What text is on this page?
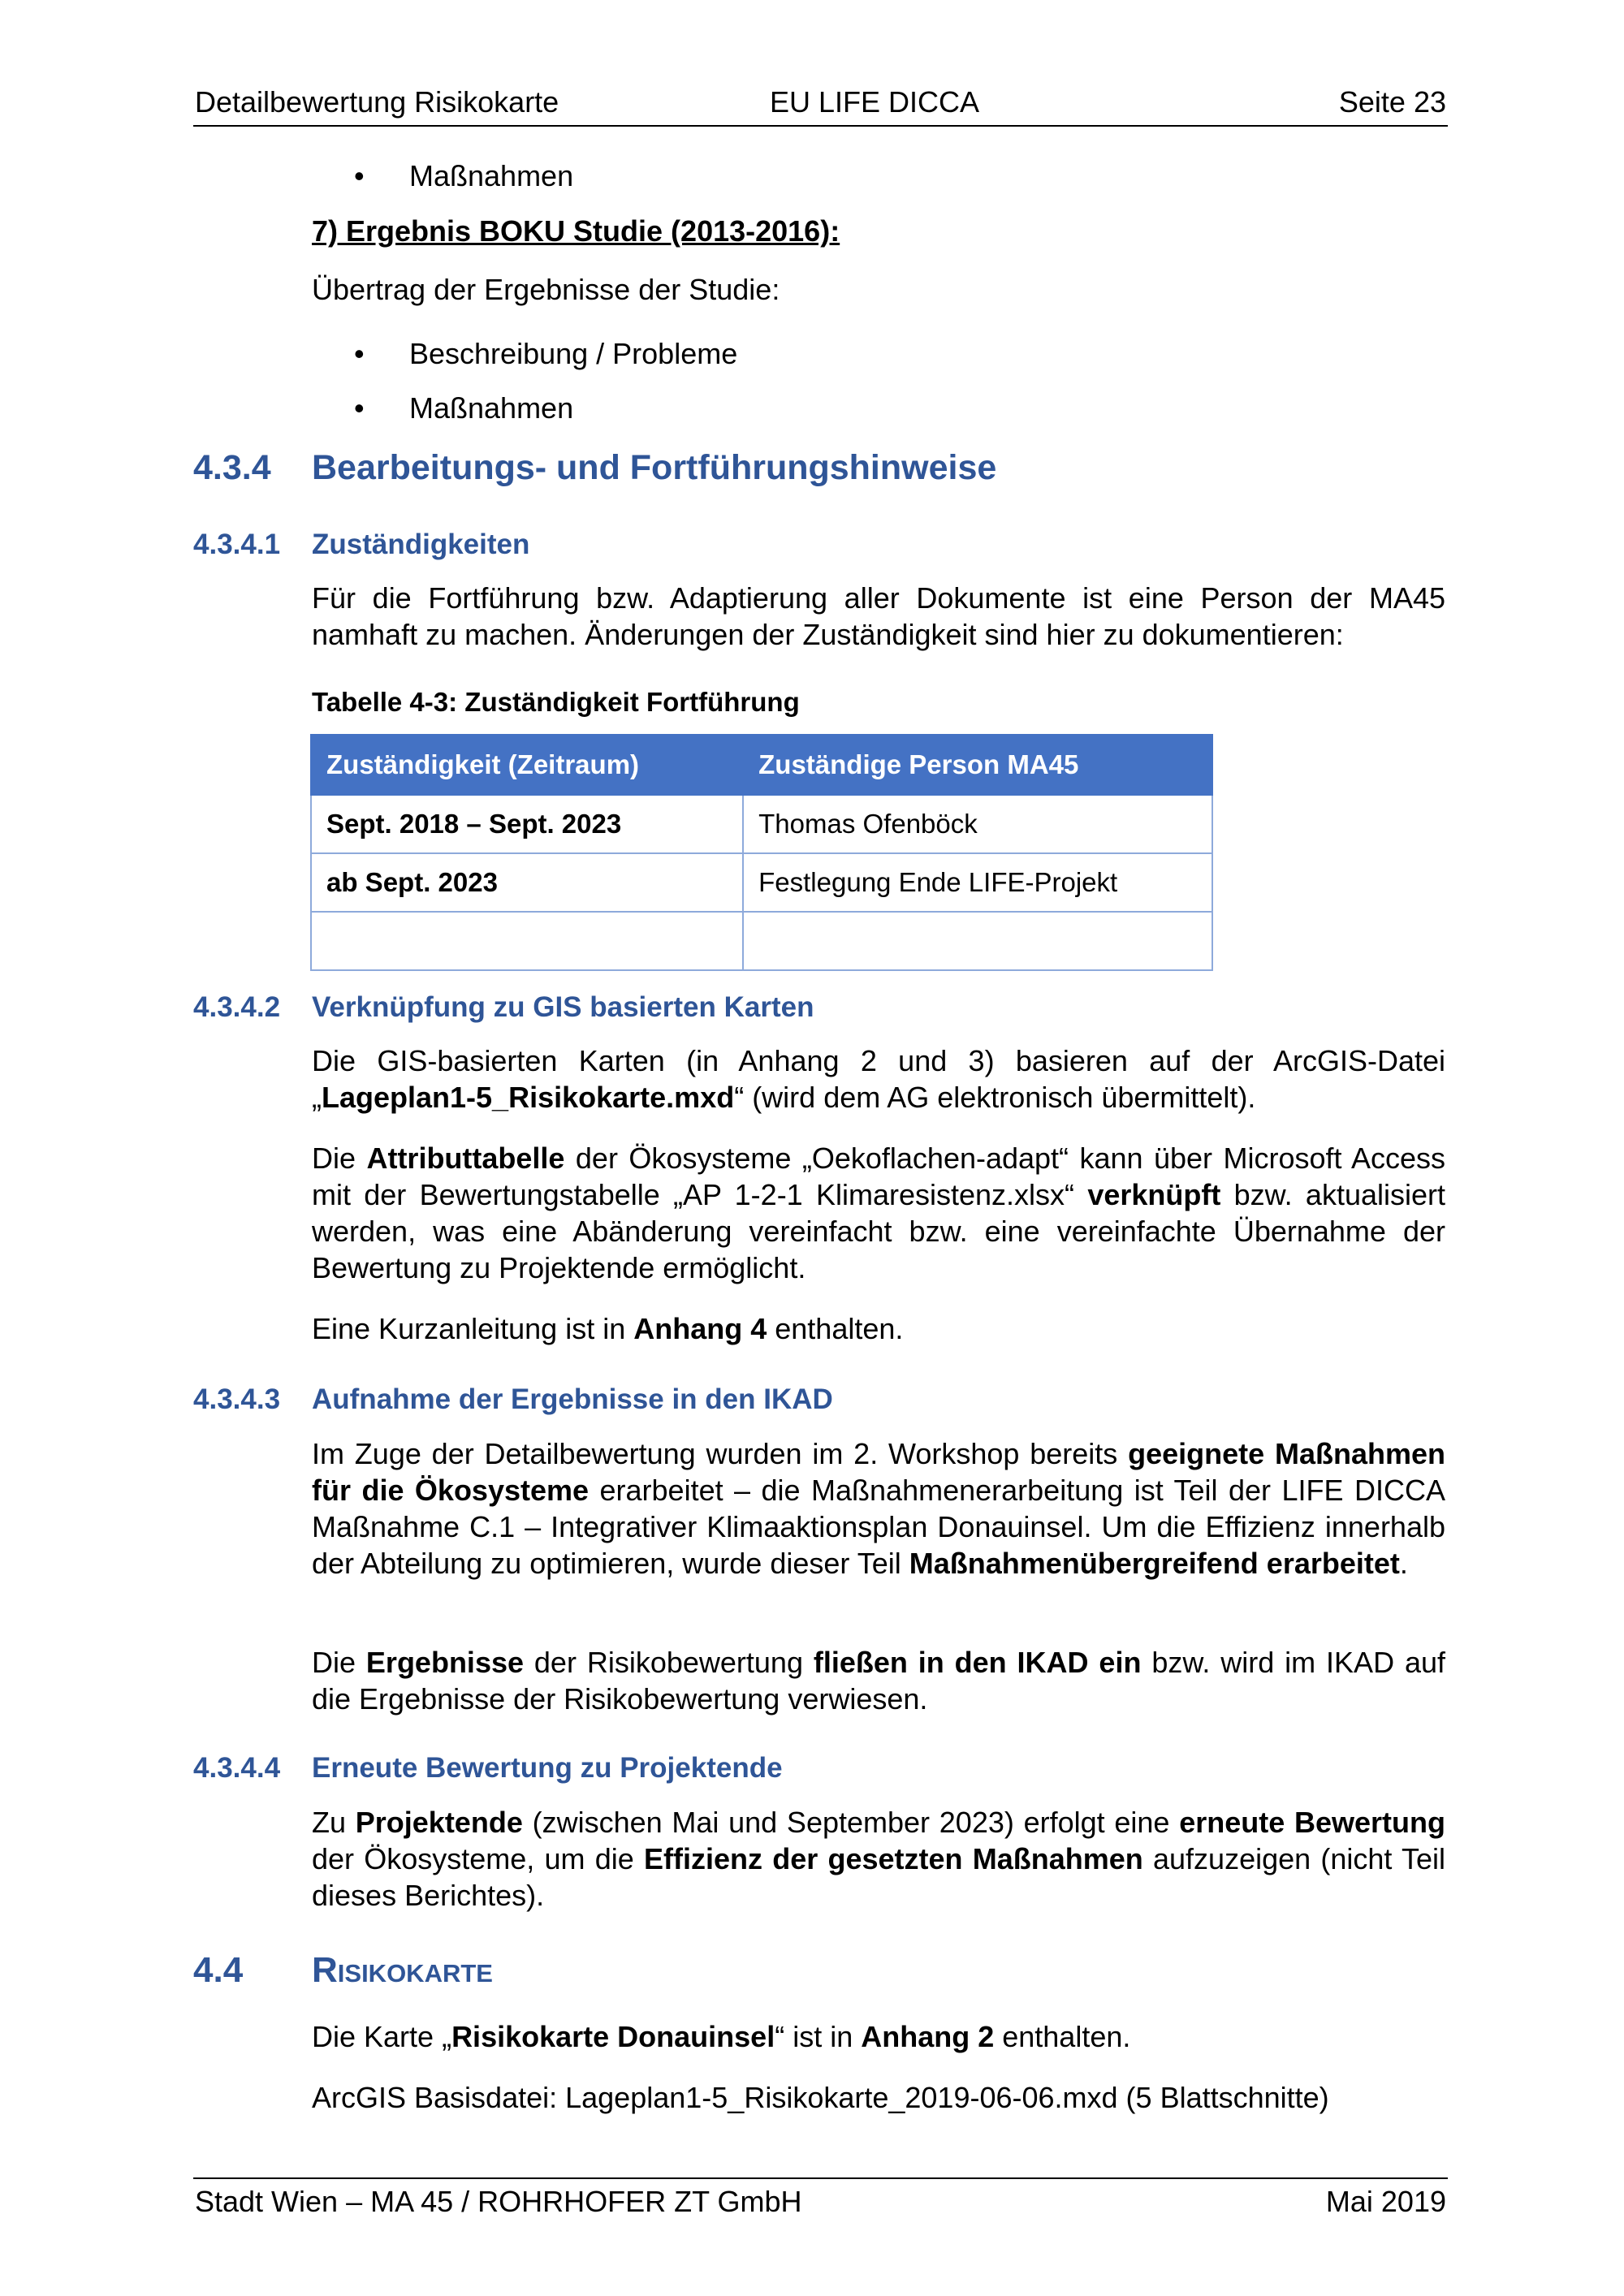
Detailbewertung Risikokarte	EU LIFE DICCA	Seite 23
•	Maßnahmen
7) Ergebnis BOKU Studie (2013-2016):
Übertrag der Ergebnisse der Studie:
•	Beschreibung / Probleme
•	Maßnahmen
4.3.4 Bearbeitungs- und Fortführungshinweise
4.3.4.1 Zuständigkeiten
Für die Fortführung bzw. Adaptierung aller Dokumente ist eine Person der MA45 namhaft zu machen. Änderungen der Zuständigkeit sind hier zu dokumentieren:
Tabelle 4-3: Zuständigkeit Fortführung
Zuständigkeit (Zeitraum)	Zuständige Person MA45
Sept. 2018 – Sept. 2023	Thomas Ofenböck
ab Sept. 2023	Festlegung Ende LIFE-Projekt

4.3.4.2 Verknüpfung zu GIS basierten Karten
Die GIS-basierten Karten (in Anhang 2 und 3) basieren auf der ArcGIS-Datei „Lageplan1-5_Risikokarte.mxd“ (wird dem AG elektronisch übermittelt).
Die Attributtabelle der Ökosysteme „Oekoflachen-adapt“ kann über Microsoft Access mit der Bewertungstabelle „AP 1-2-1 Klimaresistenz.xlsx“ verknüpft bzw. aktualisiert werden, was eine Abänderung vereinfacht bzw. eine vereinfachte Übernahme der Bewertung zu Projektende ermöglicht.
Eine Kurzanleitung ist in Anhang 4 enthalten.
4.3.4.3 Aufnahme der Ergebnisse in den IKAD
Im Zuge der Detailbewertung wurden im 2. Workshop bereits geeignete Maßnahmen für die Ökosysteme erarbeitet – die Maßnahmenerarbeitung ist Teil der LIFE DICCA Maßnahme C.1 – Integrativer Klimaaktionsplan Donauinsel. Um die Effizienz innerhalb der Abteilung zu optimieren, wurde dieser Teil Maßnahmenübergreifend erarbeitet.
Die Ergebnisse der Risikobewertung fließen in den IKAD ein bzw. wird im IKAD auf die Ergebnisse der Risikobewertung verwiesen.
4.3.4.4 Erneute Bewertung zu Projektende
Zu Projektende (zwischen Mai und September 2023) erfolgt eine erneute Bewertung der Ökosysteme, um die Effizienz der gesetzten Maßnahmen aufzuzeigen (nicht Teil dieses Berichtes).
4.4 Risikokarte
Die Karte „Risikokarte Donauinsel“ ist in Anhang 2 enthalten.
ArcGIS Basisdatei: Lageplan1-5_Risikokarte_2019-06-06.mxd (5 Blattschnitte)
Stadt Wien – MA 45 / ROHRHOFER ZT GmbH	Mai 2019
